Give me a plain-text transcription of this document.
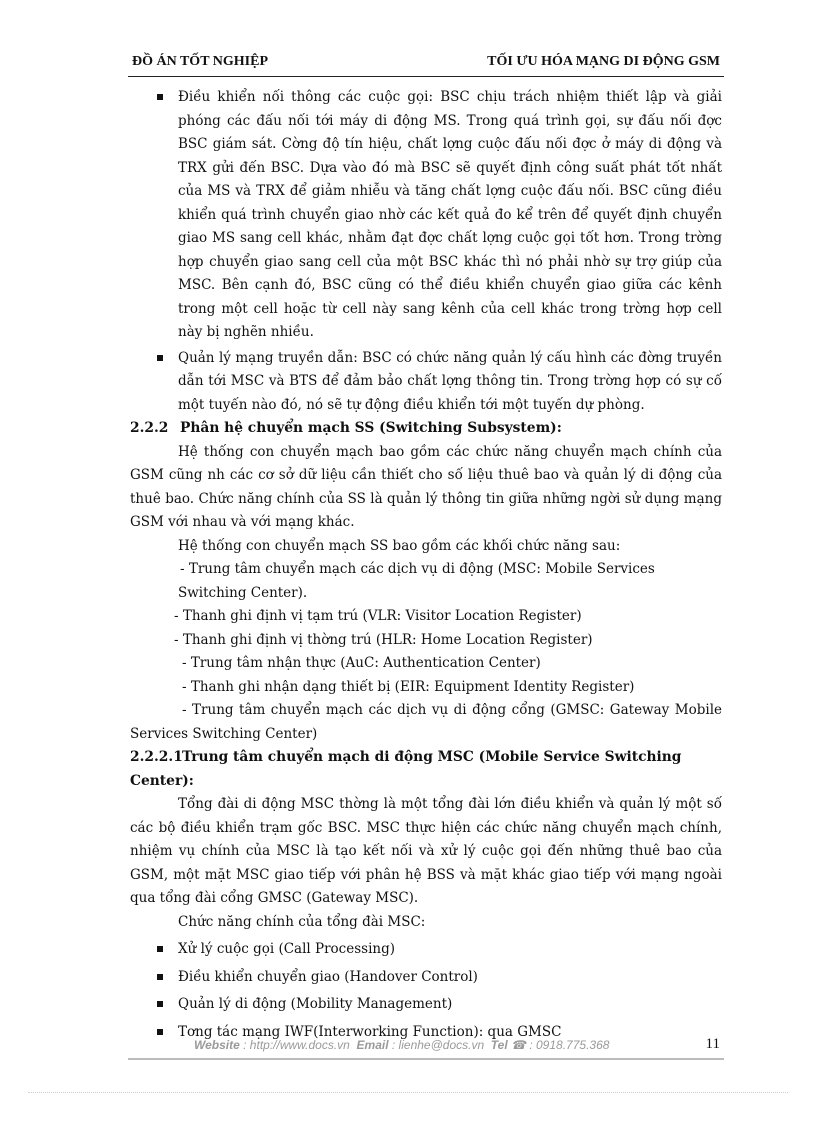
ĐỒ ÁN TỐT NGHIỆP	TỐI ƯU HÓA MẠNG DI ĐỘNG GSM
Điều khiển nối thông các cuộc gọi: BSC chịu trách nhiệm thiết lập và giải phóng các đấu nối tới máy di động MS. Trong quá trình gọi, sự đấu nối đợc BSC giám sát. Cờng độ tín hiệu, chất lợng cuộc đấu nối đợc ở máy di động và TRX gửi đến BSC. Dựa vào đó mà BSC sẽ quyết định công suất phát tốt nhất của MS và TRX để giảm nhiễu và tăng chất lợng cuộc đấu nối. BSC cũng điều khiển quá trình chuyển giao nhờ các kết quả đo kể trên để quyết định chuyển giao MS sang cell khác, nhằm đạt đợc chất lợng cuộc gọi tốt hơn. Trong trờng hợp chuyển giao sang cell của một BSC khác thì nó phải nhờ sự trợ giúp của MSC. Bên cạnh đó, BSC cũng có thể điều khiển chuyển giao giữa các kênh trong một cell hoặc từ cell này sang kênh của cell khác trong trờng hợp cell này bị nghẽn nhiều.
Quản lý mạng truyền dẫn: BSC có chức năng quản lý cấu hình các đờng truyền dẫn tới MSC và BTS để đảm bảo chất lợng thông tin. Trong trờng hợp có sự cố một tuyến nào đó, nó sẽ tự động điều khiển tới một tuyến dự phòng.
2.2.2 Phân hệ chuyển mạch SS (Switching Subsystem):
Hệ thống con chuyển mạch bao gồm các chức năng chuyển mạch chính của GSM cũng nh các cơ sở dữ liệu cần thiết cho số liệu thuê bao và quản lý di động của thuê bao. Chức năng chính của SS là quản lý thông tin giữa những ngời sử dụng mạng GSM với nhau và với mạng khác.
Hệ thống con chuyển mạch SS bao gồm các khối chức năng sau:
- Trung tâm chuyển mạch các dịch vụ di động (MSC: Mobile Services
Switching Center).
- Thanh ghi định vị tạm trú (VLR: Visitor Location Register)
- Thanh ghi định vị thờng trú (HLR: Home Location Register)
- Trung tâm nhận thực (AuC: Authentication Center)
- Thanh ghi nhận dạng thiết bị (EIR: Equipment Identity Register)
- Trung tâm chuyển mạch các dịch vụ di động cổng (GMSC: Gateway Mobile Services Switching Center)
2.2.2.1Trung tâm chuyển mạch di động MSC (Mobile Service Switching Center):
Tổng đài di động MSC thờng là một tổng đài lớn điều khiển và quản lý một số các bộ điều khiển trạm gốc BSC. MSC thực hiện các chức năng chuyển mạch chính, nhiệm vụ chính của MSC là tạo kết nối và xử lý cuộc gọi đến những thuê bao của GSM, một mặt MSC giao tiếp với phân hệ BSS và mặt khác giao tiếp với mạng ngoài qua tổng đài cổng GMSC (Gateway MSC).
Chức năng chính của tổng đài MSC:
Xử lý cuộc gọi (Call Processing)
Điều khiển chuyển giao (Handover Control)
Quản lý di động (Mobility Management)
Tơng tác mạng IWF(Interworking Function): qua GMSC
Website : http://www.docs.vn Email : lienhe@docs.vn Tel ☎ : 0918.775.368	11
